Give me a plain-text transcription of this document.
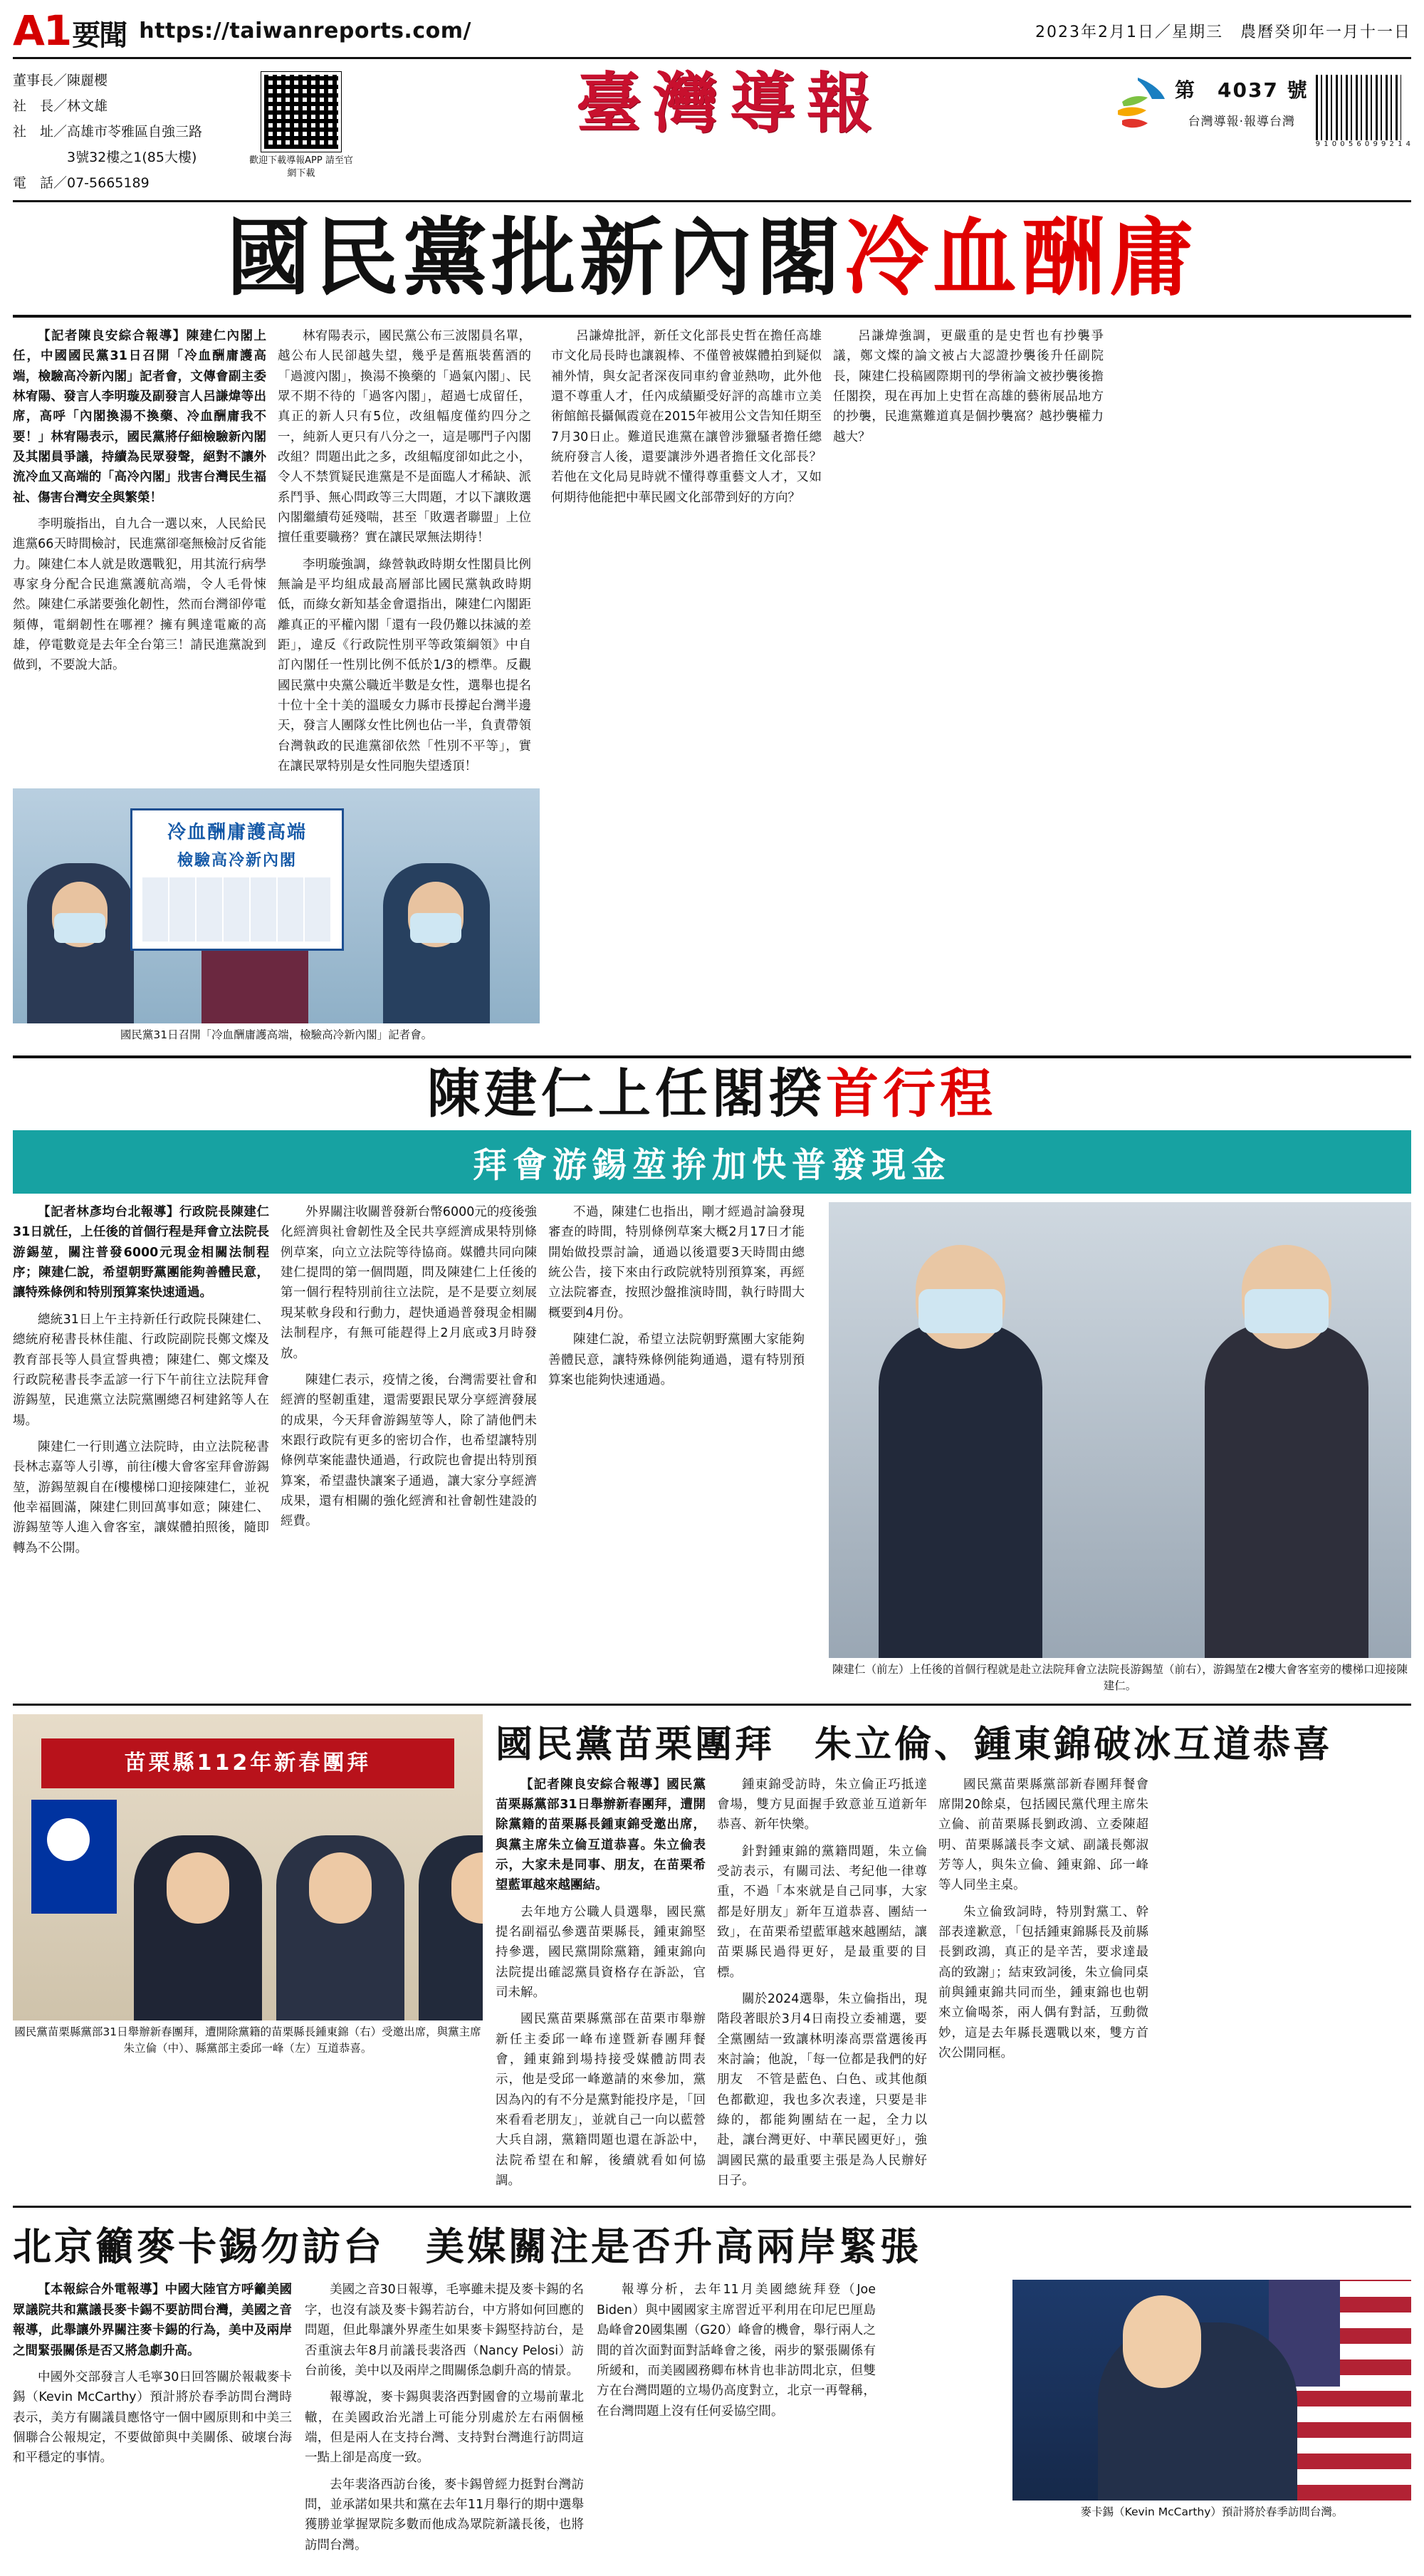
A1要聞 https://taiwanreports.com/	2023年2月1日／星期三　農曆癸卯年一月十一日
董事長／陳麗櫻
社　長／林文雄
社　址／高雄市苓雅區自強三路
　　　　3號32樓之1(85大樓)
電　話／07-5665189
歡迎下載導報APP 請至官網下載
臺灣導報	第　4037 號
台灣導報‧報導台灣
9 1 0 0 5 6 0 9 9 2 1 4
國民黨批新內閣冷血酬庸

【記者陳良安綜合報導】陳建仁內閣上任，中國國民黨31日召開「冷血酬庸護高端，檢驗高冷新內閣」記者會，文傳會副主委林宥陽、發言人李明璇及副發言人呂謙煒等出席，高呼「內閣換湯不換藥、冷血酬庸我不要！」林宥陽表示，國民黨將仔細檢驗新內閣及其閣員爭議，持續為民眾發聲，絕對不讓外流冷血又高端的「高冷內閣」戕害台灣民生福祉、傷害台灣安全與繁榮！

李明璇指出，自九合一選以來，人民給民進黨66天時間檢討，民進黨卻毫無檢討反省能力。陳建仁本人就是敗選戰犯，用其流行病學專家身分配合民進黨護航高端，令人毛骨悚然。陳建仁承諾要強化韌性，然而台灣卻停電頻傳，電網韌性在哪裡？擁有興達電廠的高雄，停電數竟是去年全台第三！請民進黨說到做到，不要說大話。

林宥陽表示，國民黨公布三波閣員名單，越公布人民卻越失望，幾乎是舊瓶裝舊酒的「過渡內閣」，換湯不換藥的「過氣內閣」、民眾不期不待的「過客內閣」，超過七成留任，真正的新人只有5位，改組幅度僅約四分之一，純新人更只有八分之一，這是哪門子內閣改組？問題出此之多，改組幅度卻如此之小，令人不禁質疑民進黨是不是面臨人才稀缺、派系鬥爭、無心問政等三大問題，才以下讓敗選內閣繼續苟延殘喘，甚至「敗選者聯盟」上位擅任重要職務？實在讓民眾無法期待！

李明璇強調，綠營執政時期女性閣員比例無論是平均組成最高層部比國民黨執政時期低，而綠女新知基金會還指出，陳建仁內閣距離真正的平權內閣「還有一段仍難以抹滅的差距」，違反《行政院性別平等政策綱領》中自訂內閣任一性別比例不低於1/3的標準。反觀國民黨中央黨公職近半數是女性，選舉也提名十位十全十美的溫暖女力縣市長撐起台灣半邊天，發言人團隊女性比例也佔一半，負責帶領台灣執政的民進黨卻依然「性別不平等」，實在讓民眾特別是女性同胞失望透頂！

冷血酬庸護高端
檢驗高冷新內閣
國民黨31日召開「冷血酬庸護高端，檢驗高冷新內閣」記者會。

呂謙煒批評，新任文化部長史哲在擔任高雄市文化局長時也讓親棒、不僅曾被媒體拍到疑似補外情，與女記者深夜同車約會並熱吻，此外他還不尊重人才，任內成績顯受好評的高雄市立美術館館長攝佩霞竟在2015年被用公文告知任期至7月30日止。難道民進黨在讓曾涉獵騷者擔任總統府發言人後，還要讓涉外遇者擔任文化部長？若他在文化局見時就不懂得尊重藝文人才，又如何期待他能把中華民國文化部帶到好的方向？

呂謙煒強調，更嚴重的是史哲也有抄襲爭議，鄭文燦的論文被占大認證抄襲後升任副院長，陳建仁投稿國際期刊的學術論文被抄襲後擔任閣揆，現在再加上史哲在高雄的藝術展品地方的抄襲，民進黨難道真是個抄襲窩？越抄襲權力越大？

陳建仁上任閣揆首行程
拜會游錫堃拚加快普發現金

【記者林彥均台北報導】行政院長陳建仁31日就任，上任後的首個行程是拜會立法院長游錫堃，關注普發6000元現金相關法制程序；陳建仁說，希望朝野黨團能夠善體民意，讓特殊條例和特別預算案快速通過。

總統31日上午主持新任行政院長陳建仁、總統府秘書長林佳龍、行政院副院長鄭文燦及教育部長等人員宣誓典禮；陳建仁、鄭文燦及行政院秘書長李孟諺一行下午前往立法院拜會游錫堃，民進黨立法院黨團總召柯建銘等人在場。

陳建仁一行則邁立法院時，由立法院秘書長林志嘉等人引導，前往í樓大會客室拜會游錫堃，游錫堃親自在í樓樓梯口迎接陳建仁，並祝他幸福圓滿，陳建仁則回萬事如意；陳建仁、游錫堃等人進入會客室，讓媒體拍照後，隨即轉為不公開。

外界關注收關普發新台幣6000元的疫後強化經濟與社會韌性及全民共享經濟成果特別條例草案，向立立法院等待協商。媒體共同向陳建仁提問的第一個問題，問及陳建仁上任後的第一個行程特別前往立法院，是不是要立刻展現某軟身段和行動力，趕快通過普發現金相關法制程序，有無可能趕得上2月底或3月時發放。

陳建仁表示，疫情之後，台灣需要社會和經濟的堅韌重建，還需要跟民眾分享經濟發展的成果，今天拜會游錫堃等人，除了請他們未來跟行政院有更多的密切合作，也希望讓特別條例草案能盡快通過，行政院也會提出特別預算案，希望盡快讓案子通過，讓大家分享經濟成果，還有相關的強化經濟和社會韌性建設的經費。

不過，陳建仁也指出，剛才經過討論發現審查的時間，特別條例草案大概2月17日才能開始做投票討論，通過以後還要3天時間由總統公告，接下來由行政院就特別預算案，再經立法院審查，按照沙盤推演時間，執行時間大概要到4月份。

陳建仁說，希望立法院朝野黨團大家能夠善體民意，讓特殊條例能夠通過，還有特別預算案也能夠快速通過。

陳建仁（前左）上任後的首個行程就是赴立法院拜會立法院長游錫堃（前右），游錫堃在2樓大會客室旁的樓梯口迎接陳建仁。
苗栗縣112年新春團拜
國民黨苗栗縣黨部31日舉辦新春團拜，遭開除黨籍的苗栗縣長鍾東錦（右）受邀出席，與黨主席朱立倫（中）、縣黨部主委邱一峰（左）互道恭喜。
國民黨苗栗團拜　朱立倫、鍾東錦破冰互道恭喜

【記者陳良安綜合報導】國民黨苗栗縣黨部31日舉辦新春團拜，遭開除黨籍的苗栗縣長鍾東錦受邀出席，與黨主席朱立倫互道恭喜。朱立倫表示，大家未是同事、朋友，在苗栗希望藍軍越來越團結。

去年地方公職人員選舉，國民黨提名副福弘參選苗栗縣長，鍾東錦堅持參選，國民黨開除黨籍，鍾東錦向法院提出確認黨員資格存在訴訟，官司未解。

國民黨苗栗縣黨部在苗栗市舉辦新任主委邱一峰布達暨新春團拜餐會，鍾東錦到場持接受媒體訪問表示，他是受邱一峰邀請的來參加，黨因為內的有不分是黨對能投序是，「回來看看老朋友」，並就自己一向以藍營大兵自詡，黨籍問題也還在訴訟中，法院希望在和解，後續就看如何協調。

鍾東錦受訪時，朱立倫正巧抵達會場，雙方見面握手致意並互道新年恭喜、新年快樂。

針對鍾東錦的黨籍問題，朱立倫受訪表示，有關司法、考紀他一律尊重，不過「本來就是自己同事，大家都是好朋友」新年互道恭喜、團結一致」，在苗栗希望藍軍越來越團結，讓苗栗縣民過得更好，是最重要的目標。

關於2024選舉，朱立倫指出，現階段著眼於3月4日南投立委補選，要全黨團結一致讓林明溱高票當選後再來討論；他說，「每一位都是我們的好朋友　不管是藍色、白色、或其他顏色都歡迎，我也多次表達，只要是非綠的，都能夠團結在一起，全力以赴，讓台灣更好、中華民國更好」，強調國民黨的最重要主張是為人民辦好日子。

國民黨苗栗縣黨部新春團拜餐會席開20餘桌，包括國民黨代理主席朱立倫、前苗栗縣長劉政鴻、立委陳超明、苗栗縣議長李文斌、副議長鄭淑芳等人，與朱立倫、鍾東錦、邱一峰等人同坐主桌。

朱立倫致詞時，特別對黨工、幹部表達歉意，「包括鍾東錦縣長及前縣長劉政鴻，真正的是辛苦，要求達最高的致謝」；結束致詞後，朱立倫同桌前與鍾東錦共同而坐，鍾東錦也也朝來立倫喝茶，兩人偶有對話，互動微妙，這是去年縣長選戰以來，雙方首次公開同框。

北京籲麥卡錫勿訪台　美媒關注是否升高兩岸緊張

【本報綜合外電報導】中國大陸官方呼籲美國眾議院共和黨議長麥卡錫不要訪問台灣，美國之音報導，此舉讓外界關注麥卡錫的行為，美中及兩岸之間緊張關係是否又將急劇升高。

中國外交部發言人毛寧30日回答關於報載麥卡錫（Kevin McCarthy）預計將於春季訪問台灣時表示，美方有關議員應恪守一個中國原則和中美三個聯合公報規定，不要做節與中美關係、破壞台海和平穩定的事情。

美國之音30日報導，毛寧雖未提及麥卡錫的名字，也沒有談及麥卡錫若訪台，中方將如何回應的問題，但此舉讓外界產生如果麥卡錫堅持訪台，是否重演去年8月前議長裴洛西（Nancy Pelosi）訪台前後，美中以及兩岸之間關係急劇升高的情景。

報導說，麥卡錫與裴洛西對國會的立場前輩北轍，在美國政治光譜上可能分別處於左右兩個極端，但是兩人在支持台灣、支持對台灣進行訪問這一點上卻是高度一致。

去年裴洛西訪台後，麥卡錫曾經力挺對台灣訪問，並承諾如果共和黨在去年11月舉行的期中選舉獲勝並掌握眾院多數而他成為眾院新議長後，也將訪問台灣。

報導分析，去年11月美國總統拜登（Joe Biden）與中國國家主席習近平利用在印尼巴厘島島峰會20國集團（G20）峰會的機會，舉行兩人之間的首次面對面對話峰會之後，兩步的緊張關係有所緩和，而美國國務卿布林肯也非訪問北京，但雙方在台灣問題的立場仍高度對立，北京一再聲稱，在台灣問題上沒有任何妥協空間。

麥卡錫（Kevin McCarthy）預計將於春季訪問台灣。
